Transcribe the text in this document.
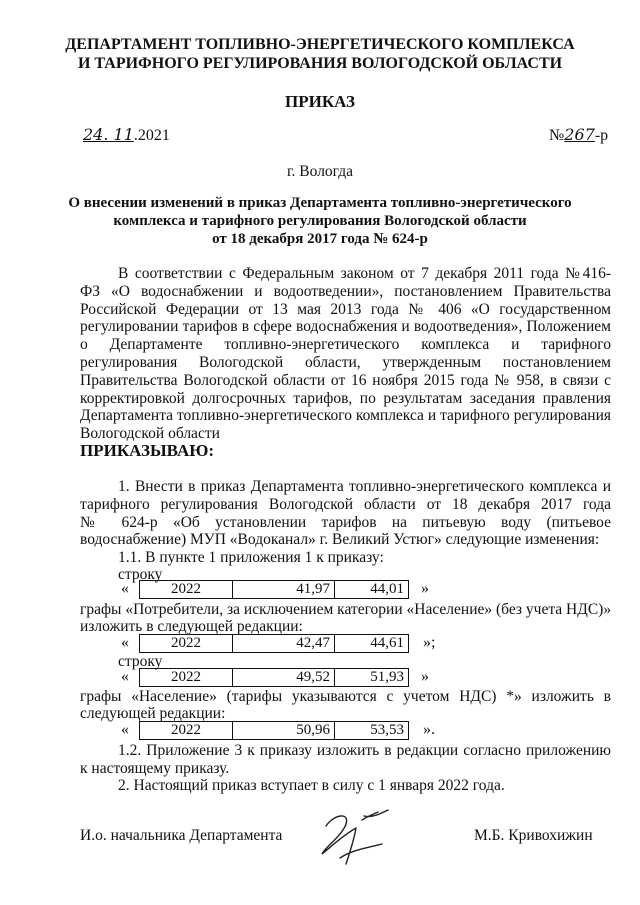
ДЕПАРТАМЕНТ ТОПЛИВНО-ЭНЕРГЕТИЧЕСКОГО КОМПЛЕКСА
И ТАРИФНОГО РЕГУЛИРОВАНИЯ ВОЛОГОДСКОЙ ОБЛАСТИ
ПРИКАЗ
24. 11.2021	№267-р
г. Вологда
О внесении изменений в приказ Департамента топливно-энергетического
комплекса и тарифного регулирования Вологодской области
от 18 декабря 2017 года № 624-р
В соответствии с Федеральным законом от 7 декабря 2011 года №416-
ФЗ «О водоснабжении и водоотведении», постановлением Правительства
Российской Федерации от 13 мая 2013 года № 406 «О государственном
регулировании тарифов в сфере водоснабжения и водоотведения», Положением
о Департаменте топливно-энергетического комплекса и тарифного
регулирования Вологодской области, утвержденным постановлением
Правительства Вологодской области от 16 ноября 2015 года № 958, в связи с
корректировкой долгосрочных тарифов, по результатам заседания правления
Департамента топливно-энергетического комплекса и тарифного регулирования
Вологодской области
ПРИКАЗЫВАЮ:
1. Внести в приказ Департамента топливно-энергетического комплекса и
тарифного регулирования Вологодской области от 18 декабря 2017 года
№ 624-р «Об установлении тарифов на питьевую воду (питьевое
водоснабжение) МУП «Водоканал» г. Великий Устюг» следующие изменения:
1.1. В пункте 1 приложения 1 к приказу:
строку
«	2022	41,97	44,01 »
графы «Потребители, за исключением категории «Население» (без учета НДС)»
изложить в следующей редакции:
«	2022	42,47	44,61 »;
строку
«	2022	49,52	51,93 »
графы «Население» (тарифы указываются с учетом НДС) *» изложить в
следующей редакции:
«	2022	50,96	53,53 ».
1.2. Приложение 3 к приказу изложить в редакции согласно приложению
к настоящему приказу.
2. Настоящий приказ вступает в силу с 1 января 2022 года.
И.о. начальника Департамента	М.Б. Кривохижин
